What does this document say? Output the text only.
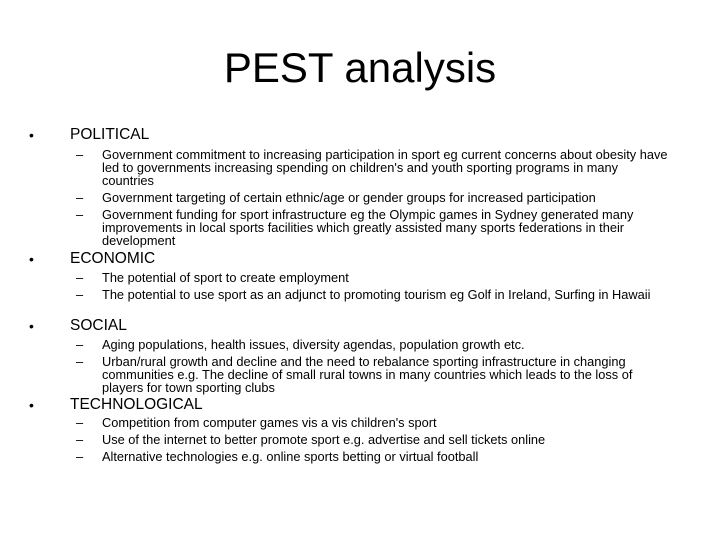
PEST analysis
• POLITICAL
– Government commitment to increasing participation in sport eg current concerns about obesity have led to governments increasing spending on children's and youth sporting programs in many countries
– Government targeting of certain ethnic/age or gender groups for increased participation
– Government funding for sport infrastructure eg the Olympic games in Sydney generated many improvements in local sports facilities which greatly assisted many sports federations in their development
• ECONOMIC
– The potential of sport to create employment
– The potential to use sport as an adjunct to promoting tourism eg Golf in Ireland, Surfing in Hawaii
• SOCIAL
– Aging populations, health issues, diversity agendas, population growth etc.
– Urban/rural growth and decline and the need to rebalance sporting infrastructure in changing communities e.g. The decline of small rural towns in many countries which leads to the loss of players for town sporting clubs
• TECHNOLOGICAL
– Competition from computer games vis a vis children's sport
– Use of the internet to better promote sport e.g. advertise and sell tickets online
– Alternative technologies e.g. online sports betting or virtual football
